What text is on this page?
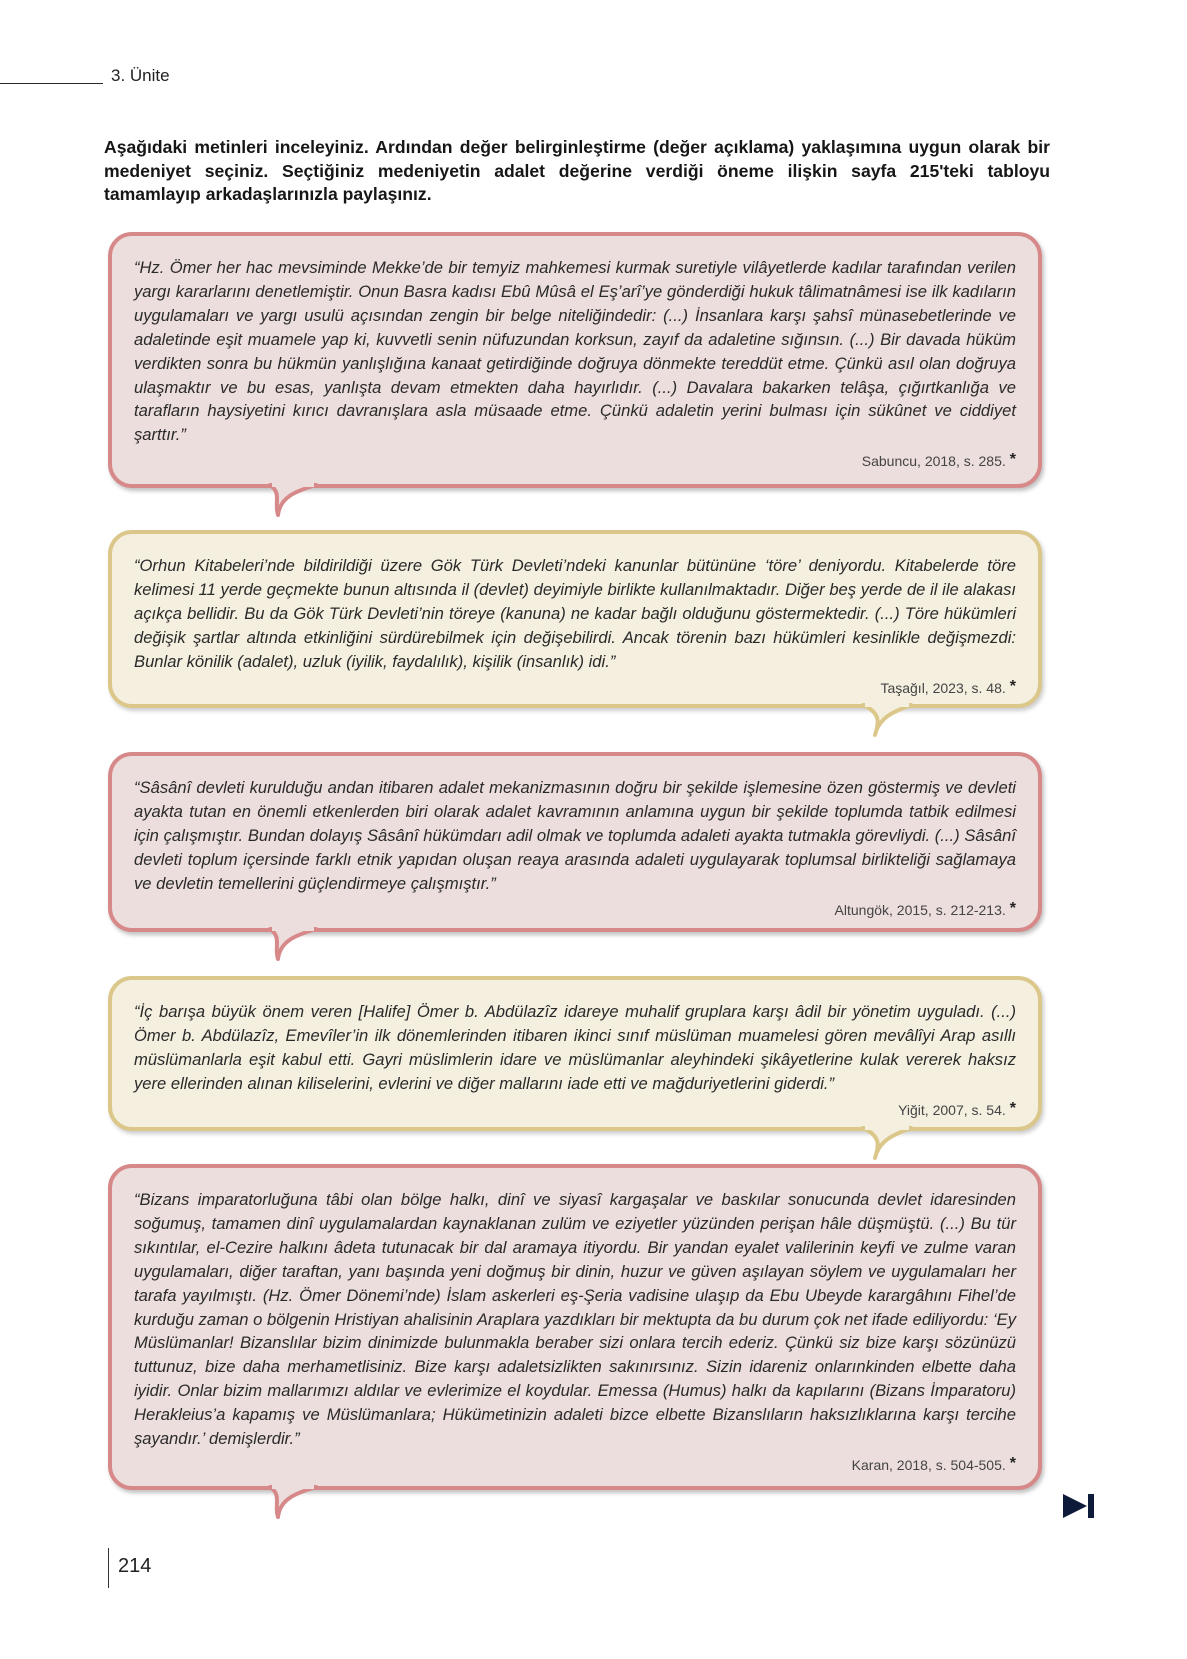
3. Ünite
Aşağıdaki metinleri inceleyiniz. Ardından değer belirginleştirme (değer açıklama) yaklaşımına uygun olarak bir medeniyet seçiniz. Seçtiğiniz medeniyetin adalet değerine verdiği öneme ilişkin sayfa 215'teki tabloyu tamamlayıp arkadaşlarınızla paylaşınız.
“Hz. Ömer her hac mevsiminde Mekke’de bir temyiz mahkemesi kurmak suretiyle vilâyetlerde kadılar tarafından verilen yargı kararlarını denetlemiştir. Onun Basra kadısı Ebû Mûsâ el Eş’arî’ye gönderdiği hukuk tâlimatnâmesi ise ilk kadıların uygulamaları ve yargı usulü açısından zengin bir belge niteliğindedir: (...) İnsanlara karşı şahsî münasebetlerinde ve adaletinde eşit muamele yap ki, kuvvetli senin nüfuzundan korksun, zayıf da adaletine sığınsın. (...) Bir davada hüküm verdikten sonra bu hükmün yanlışlığına kanaat getirdiğinde doğruya dönmekte tereddüt etme. Çünkü asıl olan doğruya ulaşmaktır ve bu esas, yanlışta devam etmekten daha hayırlıdır. (...) Davalara bakarken telâşa, çığırtkanlığa ve tarafların haysiyetini kırıcı davranışlara asla müsaade etme. Çünkü adaletin yerini bulması için sükûnet ve ciddiyet şarttır.”
Sabuncu, 2018, s. 285. *
“Orhun Kitabeleri’nde bildirildiği üzere Gök Türk Devleti’ndeki kanunlar bütününe ‘töre’ deniyordu. Kitabelerde töre kelimesi 11 yerde geçmekte bunun altısında il (devlet) deyimiyle birlikte kullanılmaktadır. Diğer beş yerde de il ile alakası açıkça bellidir. Bu da Gök Türk Devleti’nin töreye (kanuna) ne kadar bağlı olduğunu göstermektedir. (...) Töre hükümleri değişik şartlar altında etkinliğini sürdürebilmek için değişebilirdi. Ancak törenin bazı hükümleri kesinlikle değişmezdi: Bunlar könilik (adalet), uzluk (iyilik, faydalılık), kişilik (insanlık) idi.”
Taşağıl, 2023, s. 48. *
“Sâsânî devleti kurulduğu andan itibaren adalet mekanizmasının doğru bir şekilde işlemesine özen göstermiş ve devleti ayakta tutan en önemli etkenlerden biri olarak adalet kavramının anlamına uygun bir şekilde toplumda tatbik edilmesi için çalışmıştır. Bundan dolayış Sâsânî hükümdarı adil olmak ve toplumda adaleti ayakta tutmakla görevliydi. (...) Sâsânî devleti toplum içersinde farklı etnik yapıdan oluşan reaya arasında adaleti uygulayarak toplumsal birlikteliği sağlamaya ve devletin temellerini güçlendirmeye çalışmıştır.”
Altungök, 2015, s. 212-213. *
“İç barışa büyük önem veren [Halife] Ömer b. Abdülazîz idareye muhalif gruplara karşı âdil bir yönetim uyguladı. (...) Ömer b. Abdülazîz, Emevîler’in ilk dönemlerinden itibaren ikinci sınıf müslüman muamelesi gören mevâlîyi Arap asıllı müslümanlarla eşit kabul etti. Gayri müslimlerin idare ve müslümanlar aleyhindeki şikâyetlerine kulak vererek haksız yere ellerinden alınan kiliselerini, evlerini ve diğer mallarını iade etti ve mağduriyetlerini giderdi.”
Yiğit, 2007, s. 54. *
“Bizans imparatorluğuna tâbi olan bölge halkı, dinî ve siyasî kargaşalar ve baskılar sonucunda devlet idaresinden soğumuş, tamamen dinî uygulamalardan kaynaklanan zulüm ve eziyetler yüzünden perişan hâle düşmüştü. (...) Bu tür sıkıntılar, el-Cezire halkını âdeta tutunacak bir dal aramaya itiyordu. Bir yandan eyalet valilerinin keyfi ve zulme varan uygulamaları, diğer taraftan, yanı başında yeni doğmuş bir dinin, huzur ve güven aşılayan söylem ve uygulamaları her tarafa yayılmıştı. (Hz. Ömer Dönemi’nde) İslam askerleri eş-Şeria vadisine ulaşıp da Ebu Ubeyde karargâhını Fihel’de kurduğu zaman o bölgenin Hristiyan ahalisinin Araplara yazdıkları bir mektupta da bu durum çok net ifade ediliyordu: ‘Ey Müslümanlar! Bizanslılar bizim dinimizde bulunmakla beraber sizi onlara tercih ederiz. Çünkü siz bize karşı sözünüzü tuttunuz, bize daha merhametlisiniz. Bize karşı adaletsizlikten sakınırsınız. Sizin idareniz onlarınkinden elbette daha iyidir. Onlar bizim mallarımızı aldılar ve evlerimize el koydular. Emessa (Humus) halkı da kapılarını (Bizans İmparatoru) Herakleius’a kapamış ve Müslümanlara; Hükümetinizin adaleti bizce elbette Bizanslıların haksızlıklarına karşı tercihe şayandır.’ demişlerdir.”
Karan, 2018, s. 504-505. *
214
